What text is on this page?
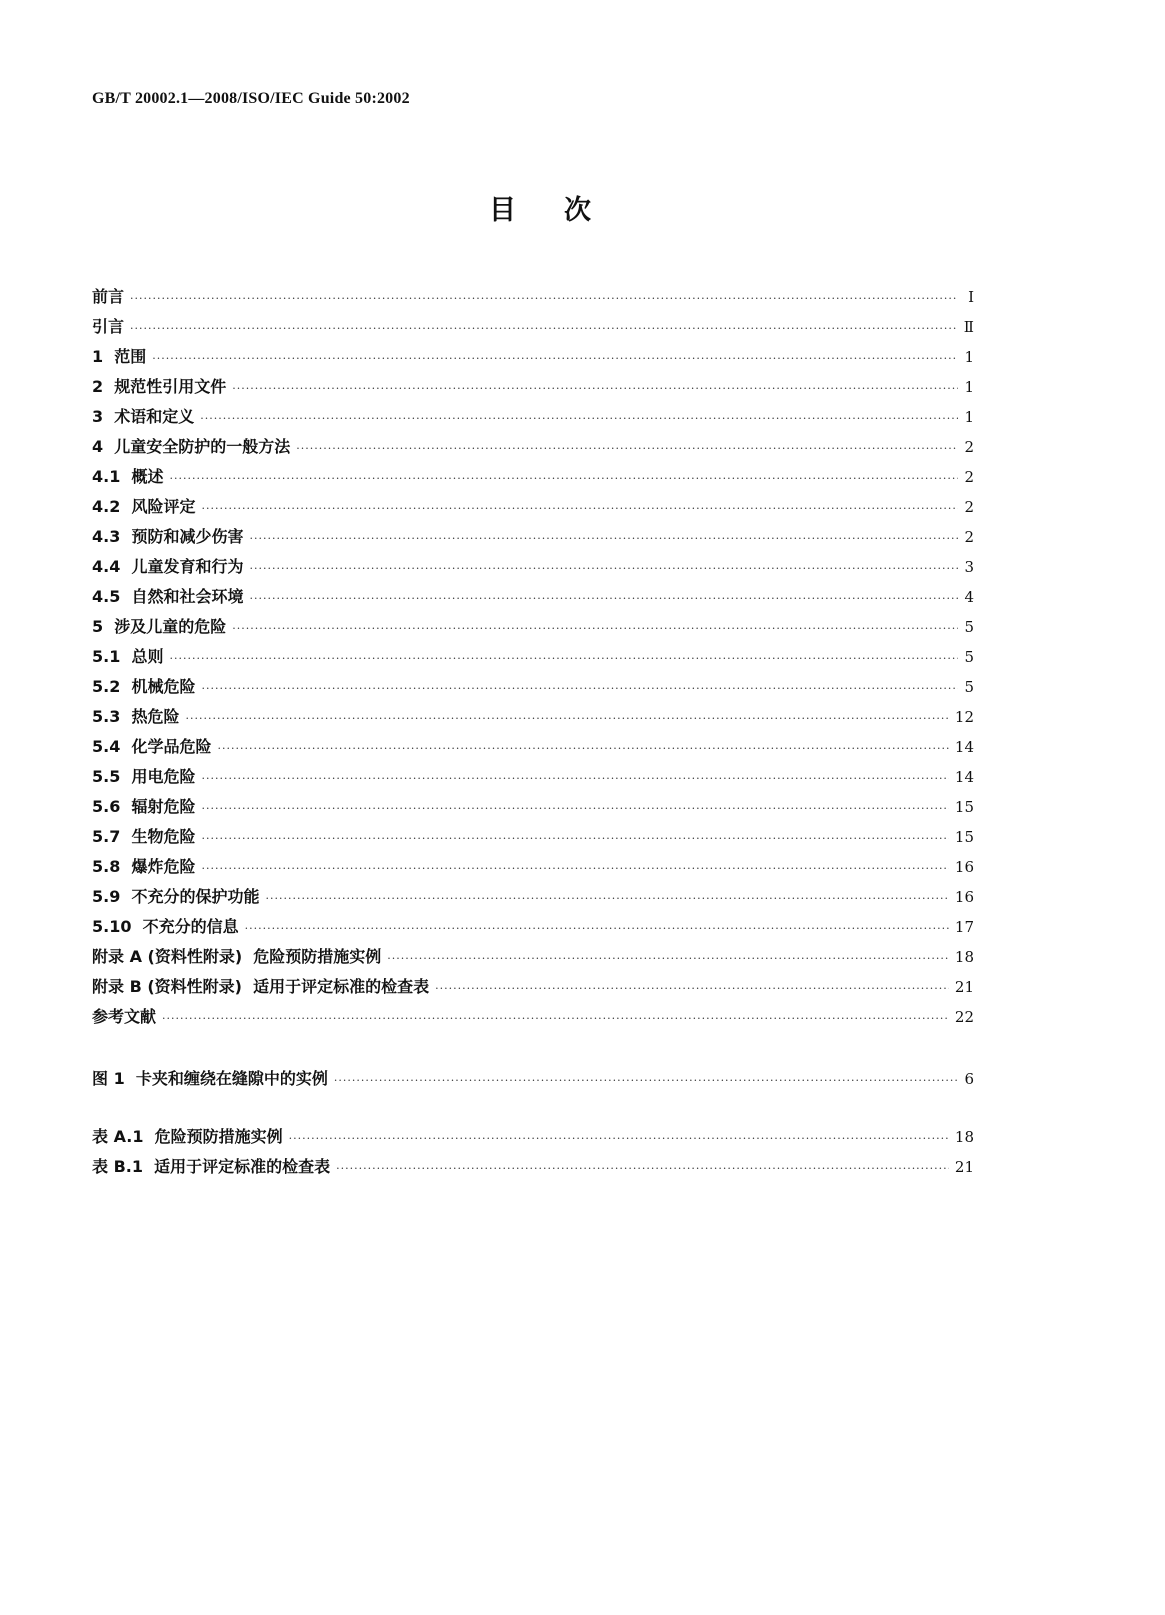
GB/T 20002.1—2008/ISO/IEC Guide 50:2002
目次
前言 ·····	Ⅰ
引言 ·····	Ⅱ
1  范围 ·····	1
2  规范性引用文件 ·····	1
3  术语和定义 ·····	1
4  儿童安全防护的一般方法 ·····	2
4.1  概述 ·····	2
4.2  风险评定 ·····	2
4.3  预防和减少伤害 ·····	2
4.4  儿童发育和行为 ·····	3
4.5  自然和社会环境 ·····	4
5  涉及儿童的危险 ·····	5
5.1  总则 ·····	5
5.2  机械危险 ·····	5
5.3  热危险 ·····	12
5.4  化学品危险 ·····	14
5.5  用电危险 ·····	14
5.6  辐射危险 ·····	15
5.7  生物危险 ·····	15
5.8  爆炸危险 ·····	16
5.9  不充分的保护功能 ·····	16
5.10  不充分的信息 ·····	17
附录 A (资料性附录)  危险预防措施实例 ·····	18
附录 B (资料性附录)  适用于评定标准的检查表 ·····	21
参考文献 ·····	22
图 1  卡夹和缠绕在缝隙中的实例 ·····	6
表 A.1  危险预防措施实例 ·····	18
表 B.1  适用于评定标准的检查表 ·····	21
